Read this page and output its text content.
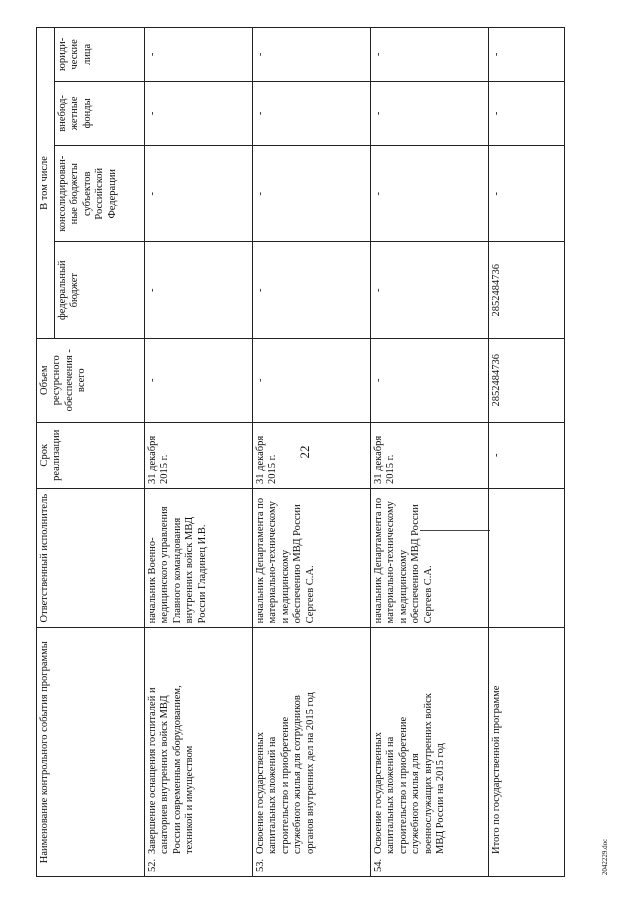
22
2042229.doc
Наименование контрольного события программы	Ответственный исполнитель	Срок реализации	Объем ресурсного обеспечения - всего	В том числе			
				федеральный бюджет	консолидирован-ные бюджеты субъектов Российской Федерации	внебюд-жетные фонды	юриди-ческие лица
52.Завершение оснащения госпиталей и санаториев внутренних войск МВД России современным оборудованием, техникой и имуществом	начальник Военно-медицинского управления Главного командования внутренних войск МВД России Гладинец И.В.	31 декабря 2015 г.	-	-	-	-	-
53.Освоение государственных капитальных вложений на строительство и приобретение служебного жилья для сотрудников органов внутренних дел на 2015 год	начальник Департамента по материально-техническому и медицинскому обеспечению МВД России Сергеев С.А.	31 декабря 2015 г.	-	-	-	-	-
54.Освоение государственных капитальных вложений на строительство и приобретение служебного жилья для военнослужащих внутренних войск МВД России на 2015 год	начальник Департамента по материально-техническому и медицинскому обеспечению МВД России Сергеев С.А.	31 декабря 2015 г.	-	-	-	-	-
Итого по государственной программе		-	2852484736	2852484736	-	-	-
